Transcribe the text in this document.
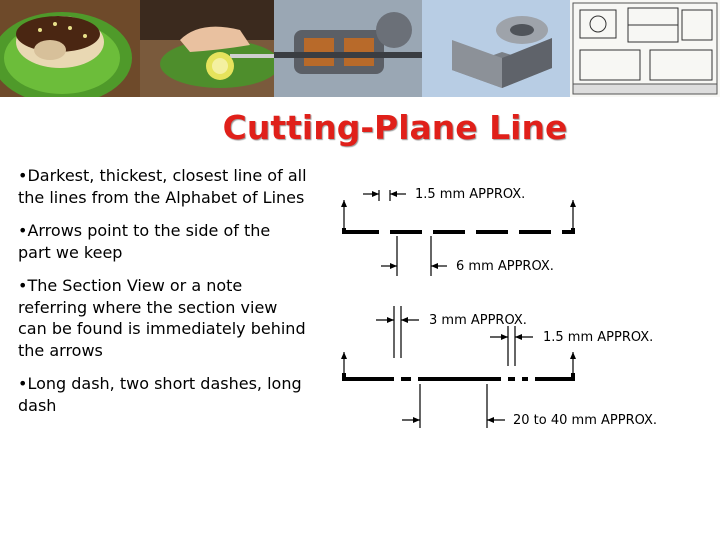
Cutting-Plane Line

•Darkest, thickest, closest line of all the lines from the Alphabet of Lines

•Arrows point to the side of the part we keep

•The Section View or a note referring where the section view can be found is immediately behind the arrows

•Long dash, two short dashes, long dash

1.5 mm APPROX.
6 mm APPROX.
3 mm APPROX.
1.5 mm APPROX.
20 to 40 mm APPROX.
